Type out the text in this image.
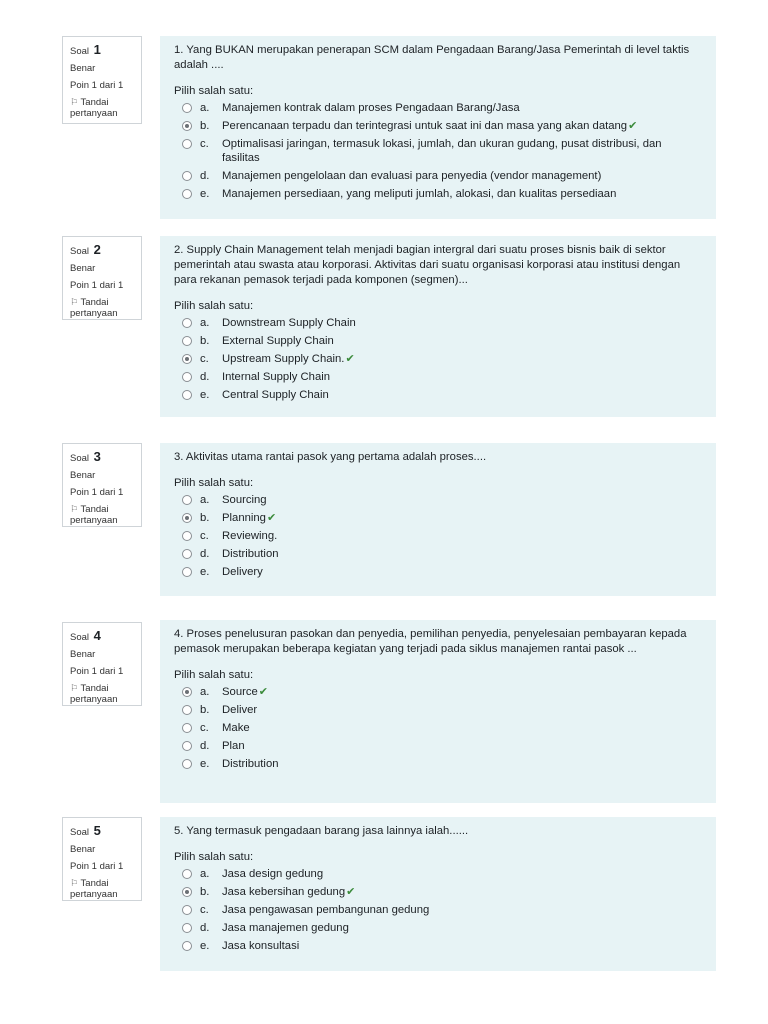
Soal 1
Benar
Poin 1 dari 1
⚐ Tandai pertanyaan
1. Yang BUKAN merupakan penerapan SCM dalam Pengadaan Barang/Jasa Pemerintah di level taktis adalah ....
Pilih salah satu:
a.	Manajemen kontrak dalam proses Pengadaan Barang/Jasa
b.	Perencanaan terpadu dan terintegrasi untuk saat ini dan masa yang akan datang✔
c.	Optimalisasi jaringan, termasuk lokasi, jumlah, dan ukuran gudang, pusat distribusi, dan fasilitas
d.	Manajemen pengelolaan dan evaluasi para penyedia (vendor management)
e.	Manajemen persediaan, yang meliputi jumlah, alokasi, dan kualitas persediaan
Soal 2
Benar
Poin 1 dari 1
⚐ Tandai pertanyaan
2. Supply Chain Management telah menjadi bagian intergral dari suatu proses bisnis baik di sektor pemerintah atau swasta atau korporasi. Aktivitas dari suatu organisasi korporasi atau institusi dengan para rekanan pemasok terjadi pada komponen (segmen)...
Pilih salah satu:
a.	Downstream Supply Chain
b.	External Supply Chain
c.	Upstream Supply Chain.✔
d.	Internal Supply Chain
e.	Central Supply Chain
Soal 3
Benar
Poin 1 dari 1
⚐ Tandai pertanyaan
3. Aktivitas utama rantai pasok yang pertama adalah proses....
Pilih salah satu:
a.	Sourcing
b.	Planning✔
c.	Reviewing.
d.	Distribution
e.	Delivery
Soal 4
Benar
Poin 1 dari 1
⚐ Tandai pertanyaan
4. Proses penelusuran pasokan dan penyedia, pemilihan penyedia, penyelesaian pembayaran kepada pemasok merupakan beberapa kegiatan yang terjadi pada siklus manajemen rantai pasok ...
Pilih salah satu:
a.	Source✔
b.	Deliver
c.	Make
d.	Plan
e.	Distribution
Soal 5
Benar
Poin 1 dari 1
⚐ Tandai pertanyaan
5. Yang termasuk pengadaan barang jasa lainnya ialah......
Pilih salah satu:
a.	Jasa design gedung
b.	Jasa kebersihan gedung✔
c.	Jasa pengawasan pembangunan gedung
d.	Jasa manajemen gedung
e.	Jasa konsultasi
